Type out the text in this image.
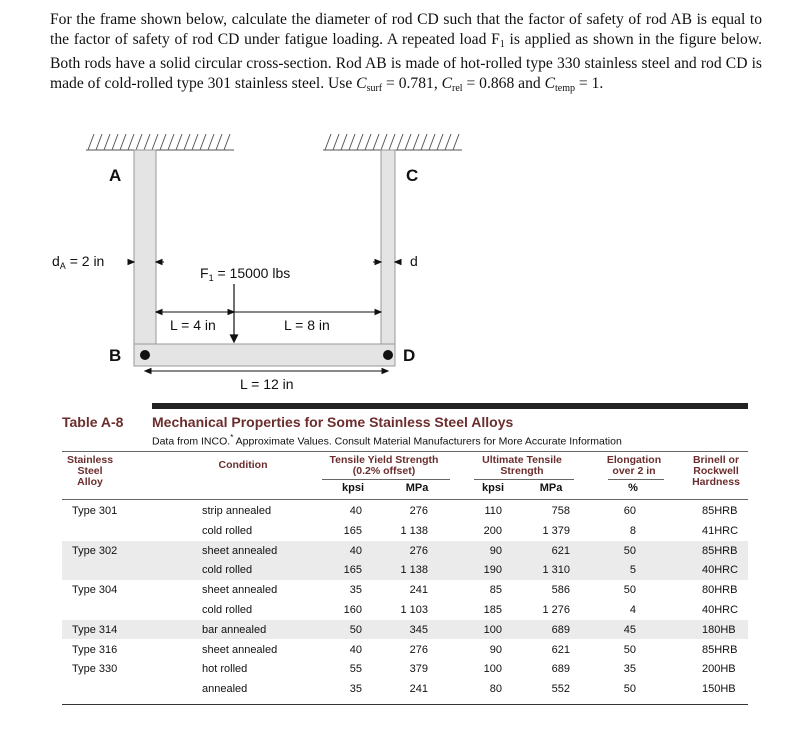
For the frame shown below, calculate the diameter of rod CD such that the factor of safety of rod AB is equal to the factor of safety of rod CD under fatigue loading. A repeated load $F_1$ is applied as shown in the figure below. Both rods have a solid circular cross-section. Rod AB is made of hot-rolled type 330 stainless steel and rod CD is made of cold-rolled type 301 stainless steel. Use $C_{surf} = 0.781$, $C_{rel} = 0.868$ and $C_{temp} = 1$.
A
B
C
D
$d_A = 2$ in	d
$F_1 = 15000$ lbs
L = 4 in	L = 8 in
L = 12 in
Table A-8 Mechanical Properties for Some Stainless Steel Alloys
Data from INCO.* Approximate Values. Consult Material Manufacturers for More Accurate Information
Stainless Steel
Alloy
Condition	Tensile Yield Strength
(0.2% offset)
Ultimate Tensile
Strength
Elongation
over 2 in
Brinell or
Rockwell
Hardness
kpsi	MPa	kpsi	MPa	%
Type 301	strip annealed	40	276	110	758	60	85HRB
cold rolled	165	1 138	200	1 379	8	41HRC
Type 302	sheet annealed	40	276	90	621	50	85HRB
cold rolled	165	1 138	190	1 310	5	40HRC
Type 304	sheet annealed	35	241	85	586	50	80HRB
cold rolled	160	1 103	185	1 276	4	40HRC
Type 314	bar annealed	50	345	100	689	45	180HB
Type 316	sheet annealed	40	276	90	621	50	85HRB
Type 330	hot rolled	55	379	100	689	35	200HB
annealed	35	241	80	552	50	150HB
